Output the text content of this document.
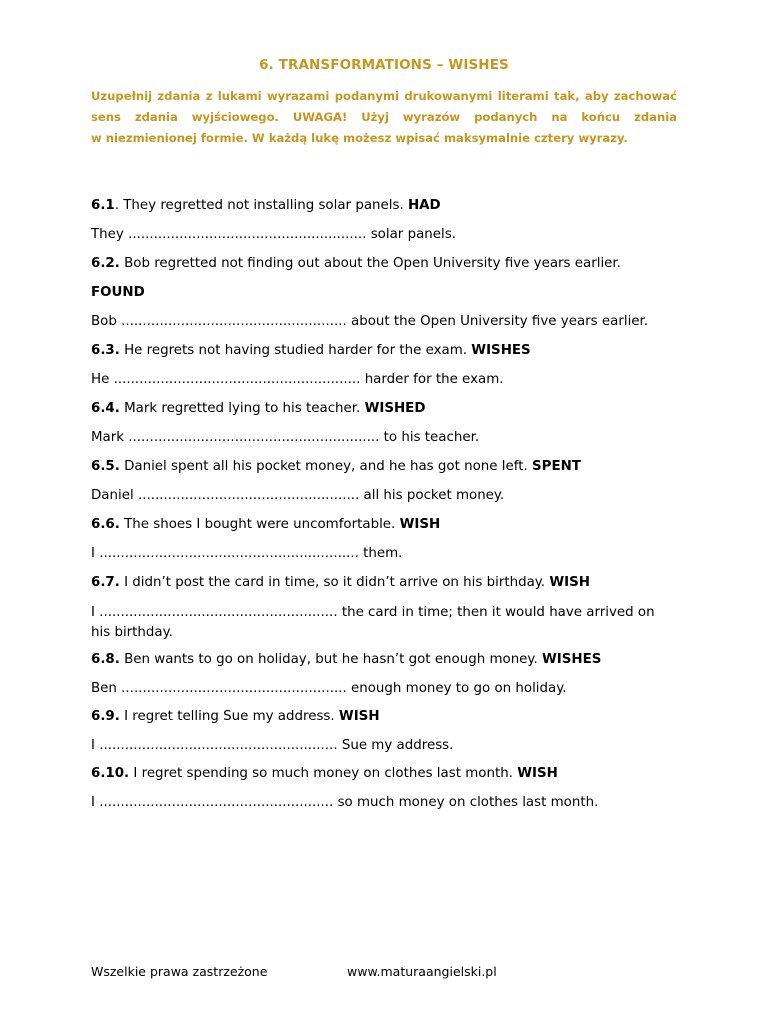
6. TRANSFORMATIONS – WISHES
Uzupełnij zdania z lukami wyrazami podanymi drukowanymi literami tak, aby zachować
sens zdania wyjściowego. UWAGA! Użyj wyrazów podanych na końcu zdania
w niezmienionej formie. W każdą lukę możesz wpisać maksymalnie cztery wyrazy.
6.1. They regretted not installing solar panels. HAD
They ........................................................ solar panels.
6.2. Bob regretted not finding out about the Open University five years earlier.
FOUND
Bob ..................................................... about the Open University five years earlier.
6.3. He regrets not having studied harder for the exam. WISHES
He .......................................................... harder for the exam.
6.4. Mark regretted lying to his teacher. WISHED
Mark ........................................................... to his teacher.
6.5. Daniel spent all his pocket money, and he has got none left. SPENT
Daniel .................................................... all his pocket money.
6.6. The shoes I bought were uncomfortable. WISH
I ............................................................. them.
6.7. I didn’t post the card in time, so it didn’t arrive on his birthday. WISH
I ........................................................ the card in time; then it would have arrived on his birthday.
6.8. Ben wants to go on holiday, but he hasn’t got enough money. WISHES
Ben ..................................................... enough money to go on holiday.
6.9. I regret telling Sue my address. WISH
I ........................................................ Sue my address.
6.10. I regret spending so much money on clothes last month. WISH
I ....................................................... so much money on clothes last month.
Wszelkie prawa zastrzeżone	www.maturaangielski.pl
